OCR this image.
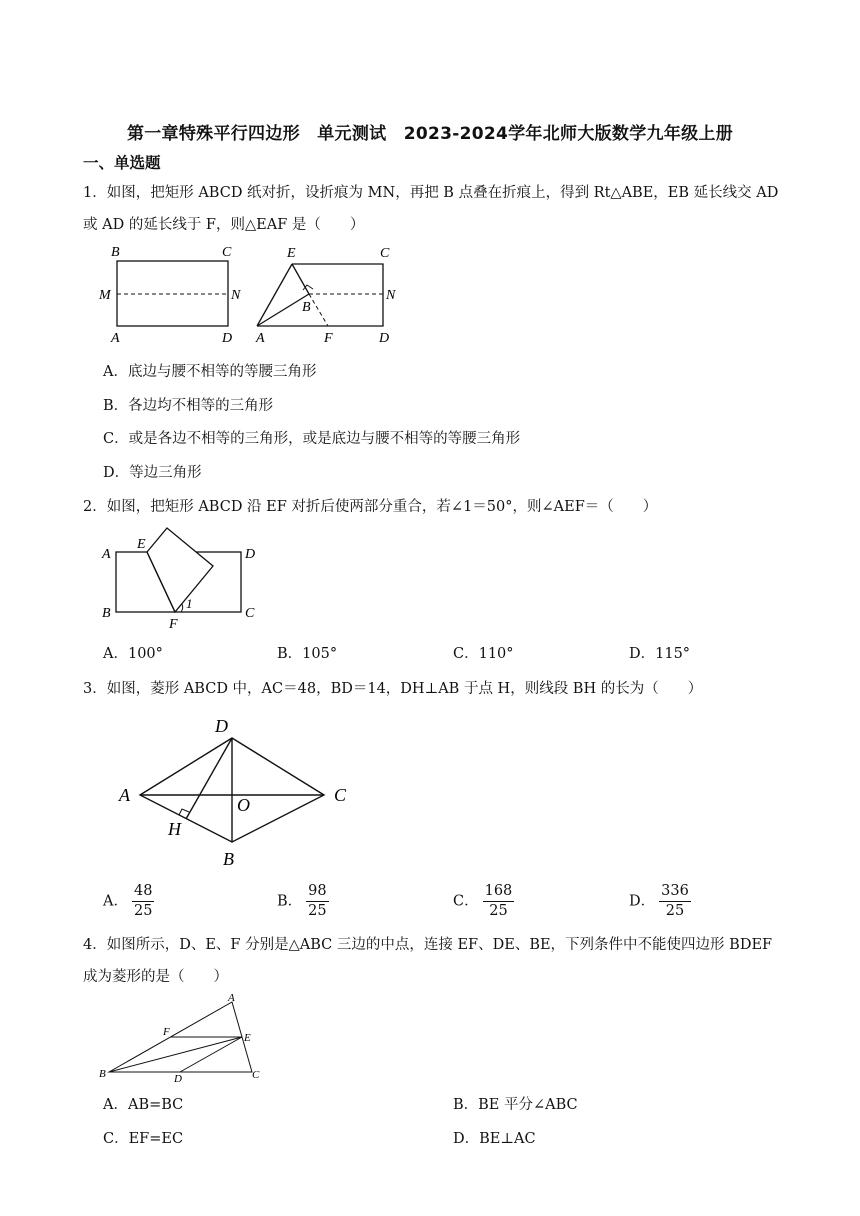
第一章特殊平行四边形　单元测试　2023-2024学年北师大版数学九年级上册
一、单选题
1．如图，把矩形 ABCD 纸对折，设折痕为 MN，再把 B 点叠在折痕上，得到 Rt△ABE，EB 延长线交 AD
或 AD 的延长线于 F，则△EAF 是（　　）
B	C
M	N
A	D
E	C
B
N
A	F	D
A．底边与腰不相等的等腰三角形
B．各边均不相等的三角形
C．或是各边不相等的三角形，或是底边与腰不相等的等腰三角形
D．等边三角形
2．如图，把矩形 ABCD 沿 EF 对折后使两部分重合，若∠1＝50°，则∠AEF＝（　　）
A
E
D
B
1
F
C
A．100°	B．105°	C．110°	D．115°
3．如图，菱形 ABCD 中，AC＝48，BD＝14，DH⊥AB 于点 H，则线段 BH 的长为（　　）
D
A	O	C
H
B
A． $\frac{48}{25}$	B． $\frac{98}{25}$	C． $\frac{168}{25}$	D． $\frac{336}{25}$
4．如图所示，D、E、F 分别是△ABC 三边的中点，连接 EF、DE、BE，下列条件中不能使四边形 BDEF
成为菱形的是（　　）
A
F	E
B	D	C
A．AB=BC	B．BE 平分∠ABC
C．EF=EC	D．BE⊥AC
